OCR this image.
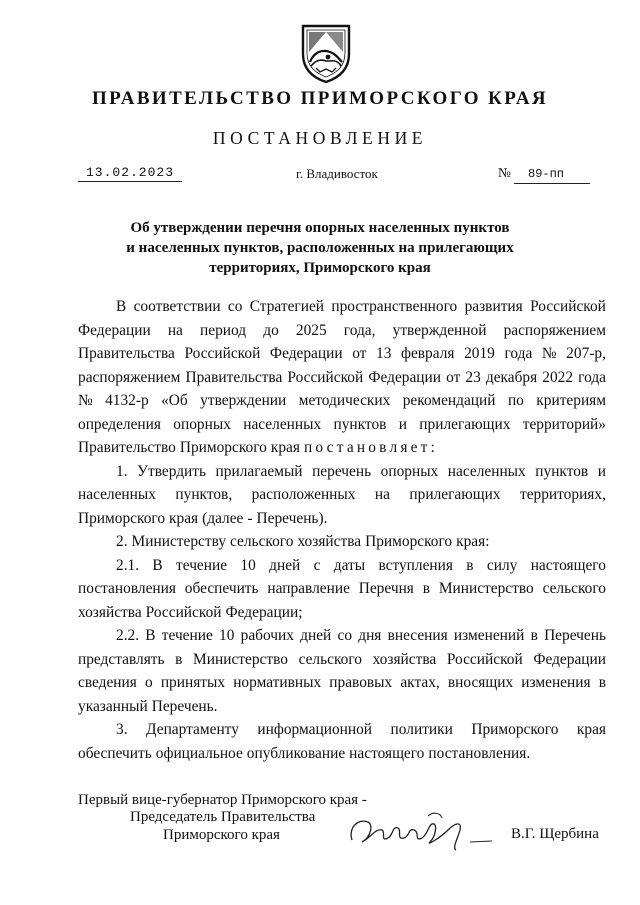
ПРАВИТЕЛЬСТВО ПРИМОРСКОГО КРАЯ
ПОСТАНОВЛЕНИЕ
13.02.2023	г. Владивосток	№ 89-пп
Об утверждении перечня опорных населенных пунктов
и населенных пунктов, расположенных на прилегающих
территориях, Приморского края
В соответствии со Стратегией пространственного развития Российской
Федерации на период до 2025 года, утвержденной распоряжением
Правительства Российской Федерации от 13 февраля 2019 года № 207-р,
распоряжением Правительства Российской Федерации от 23 декабря 2022 года
№ 4132-р «Об утверждении методических рекомендаций по критериям
определения опорных населенных пунктов и прилегающих территорий»
Правительство Приморского края постановляет:
1. Утвердить прилагаемый перечень опорных населенных пунктов и
населенных пунктов, расположенных на прилегающих территориях,
Приморского края (далее - Перечень).
2. Министерству сельского хозяйства Приморского края:
2.1. В течение 10 дней с даты вступления в силу настоящего
постановления обеспечить направление Перечня в Министерство сельского
хозяйства Российской Федерации;
2.2. В течение 10 рабочих дней со дня внесения изменений в Перечень
представлять в Министерство сельского хозяйства Российской Федерации
сведения о принятых нормативных правовых актах, вносящих изменения в
указанный Перечень.
3. Департаменту информационной политики Приморского края
обеспечить официальное опубликование настоящего постановления.
Первый вице-губернатор Приморского края -
Председатель Правительства
Приморского края	В.Г. Щербина
